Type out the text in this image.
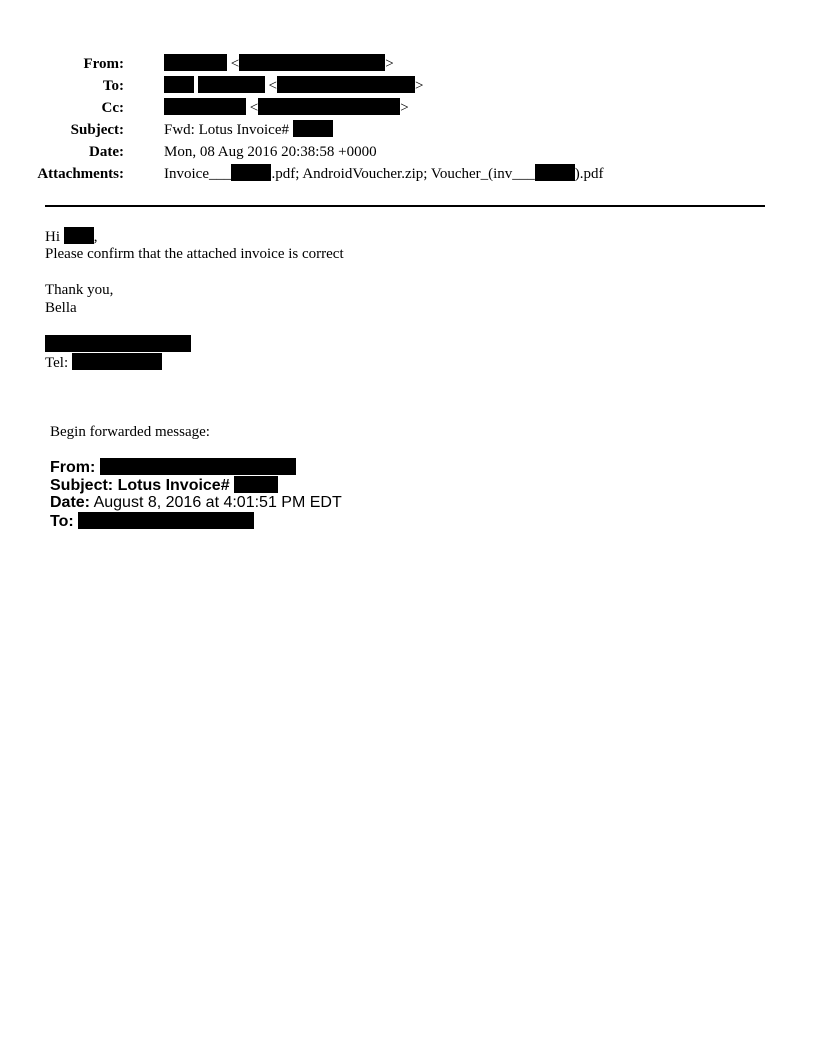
From:	<	>
To:	<	>
Cc:	<	>
Subject:	Fwd: Lotus Invoice#
Date:	Mon, 08 Aug 2016 20:38:58 +0000
Attachments:	Invoice___	.pdf; AndroidVoucher.zip; Voucher_(inv___	).pdf
Hi ,
Please confirm that the attached invoice is correct
Thank you,
Bella
Tel:
Begin forwarded message:
From:
Subject: Lotus Invoice#
Date: August 8, 2016 at 4:01:51 PM EDT
To:
